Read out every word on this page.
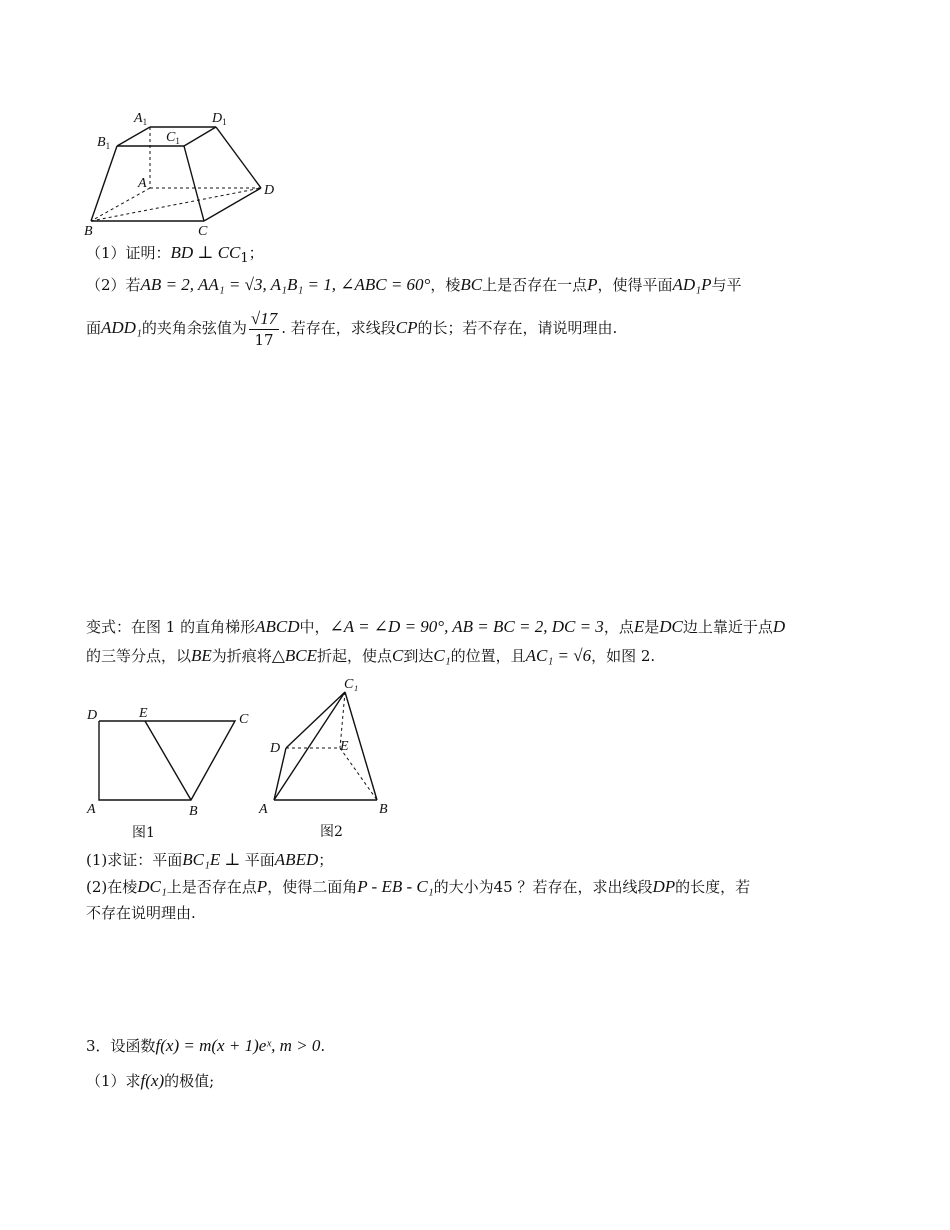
$A_1$	$D_1$
$B_1$
$C_1$
A	D
B	C
（1）证明：BD ⊥ CC1；
（2）若AB = 2, AA₁ = √3, A₁B₁ = 1, ∠ABC = 60°，棱BC上是否存在一点P，使得平面AD₁P与平
面ADD₁的夹角余弦值为 $\frac{√17}{17}$ . 若存在，求线段CP的长；若不存在，请说明理由.
变式：在图 1 的直角梯形ABCD中，∠A = ∠D = 90°, AB = BC = 2, DC = 3，点E是DC边上靠近于点D
的三等分点，以BE为折痕将△BCE折起，使点C到达C₁的位置，且AC₁ = √6，如图 2.
D	E	C
A	B
图1
C₁
D	E
A	B
图2
(1)求证：平面BC₁E ⊥ 平面ABED；
(2)在棱DC₁上是否存在点P，使得二面角P - EB - C₁的大小为45 ？若存在，求出线段DP的长度，若
不存在说明理由.
3．设函数f(x) = m(x + 1)eˣ, m > 0.
（1）求f(x)的极值;
